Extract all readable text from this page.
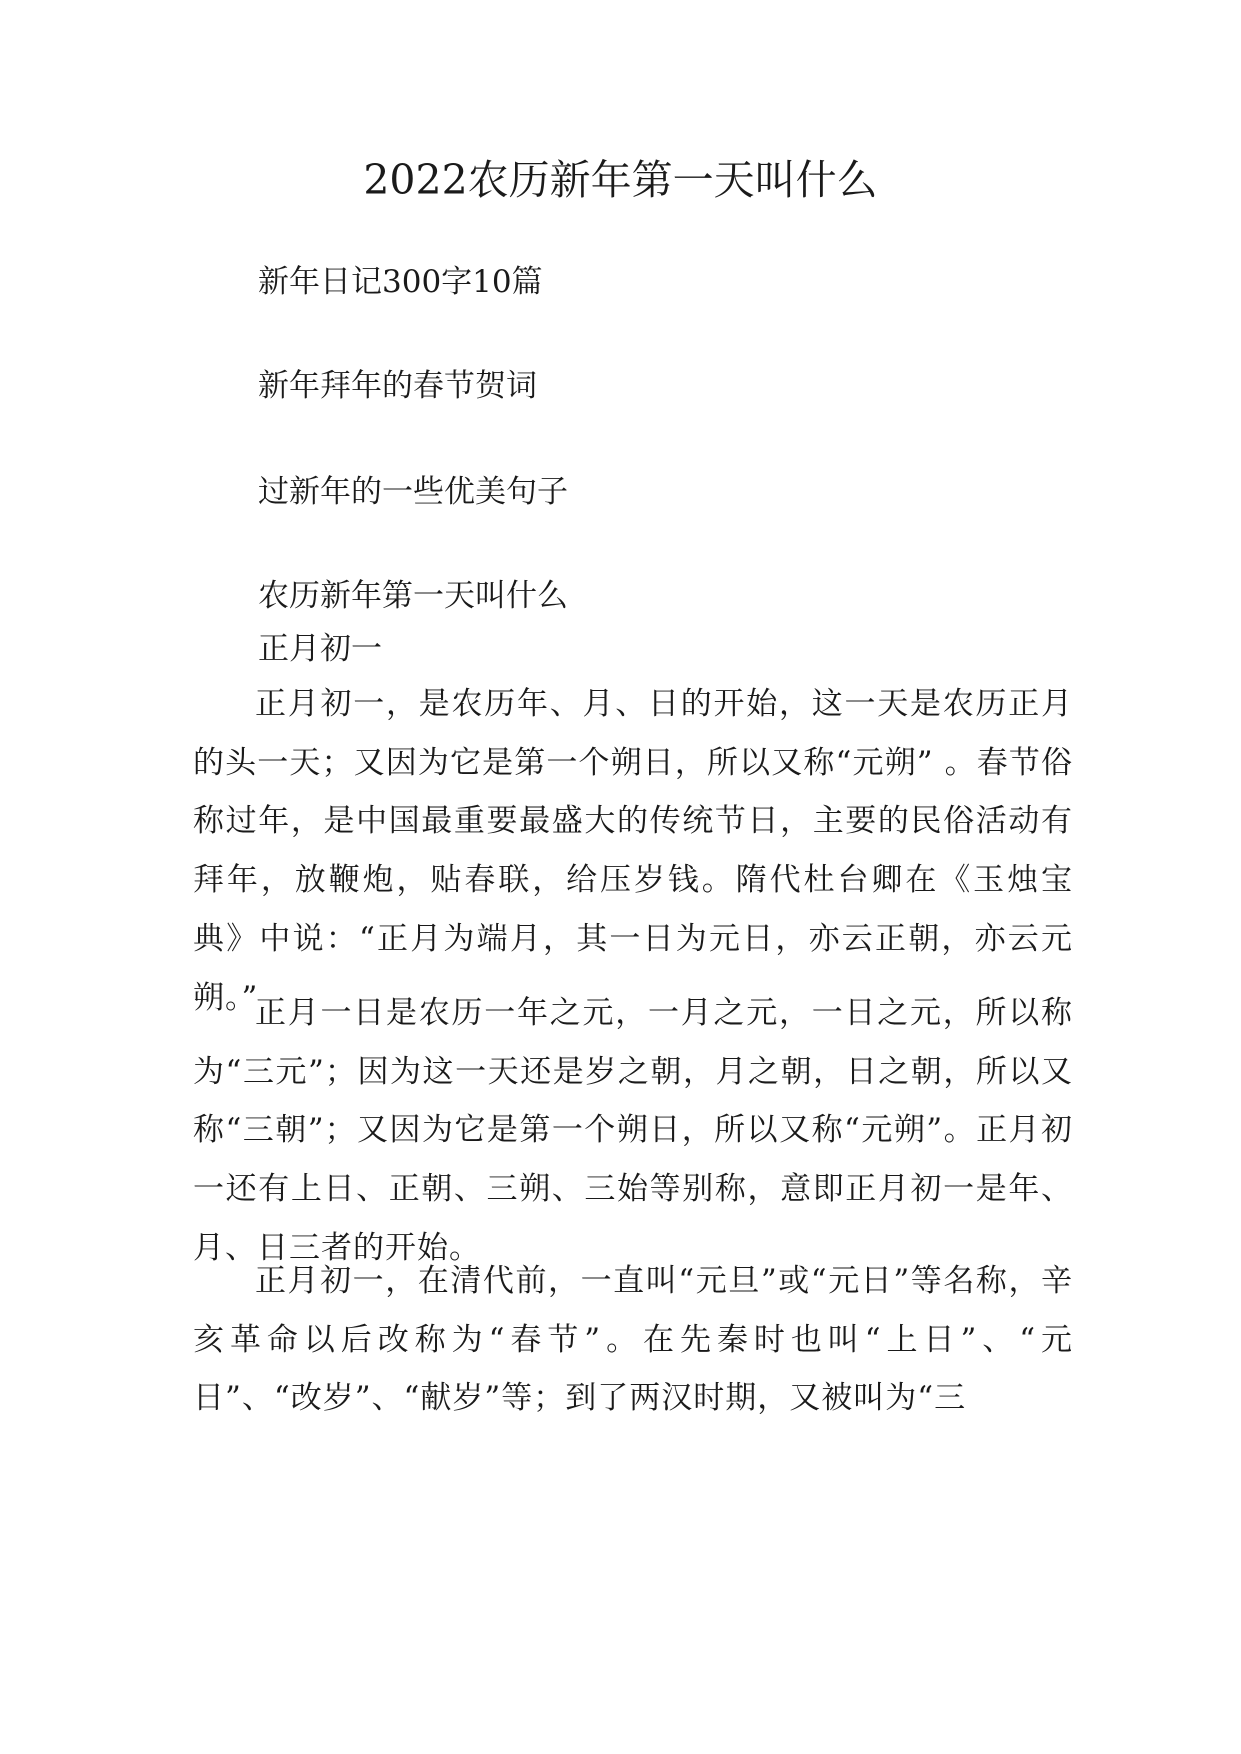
2022农历新年第一天叫什么
新年日记300字10篇
新年拜年的春节贺词
过新年的一些优美句子
农历新年第一天叫什么
正月初一

正月初一，是农历年、月、日的开始，这一天是农历正月的头一天；又因为它是第一个朔日，所以又称“元朔” 。春节俗称过年，是中国最重要最盛大的传统节日，主要的民俗活动有拜年，放鞭炮，贴春联，给压岁钱。隋代杜台卿在《玉烛宝典》中说：“正月为端月，其一日为元日，亦云正朝，亦云元朔。”

正月一日是农历一年之元，一月之元，一日之元，所以称为“三元”；因为这一天还是岁之朝，月之朝，日之朝，所以又称“三朝”；又因为它是第一个朔日，所以又称“元朔”。正月初一还有上日、正朝、三朔、三始等别称，意即正月初一是年、月、日三者的开始。

正月初一，在清代前，一直叫“元旦”或“元日”等名称，辛亥革命以后改称为“春节”。在先秦时也叫“上日”、“元日”、“改岁”、“献岁”等；到了两汉时期，又被叫为“三
